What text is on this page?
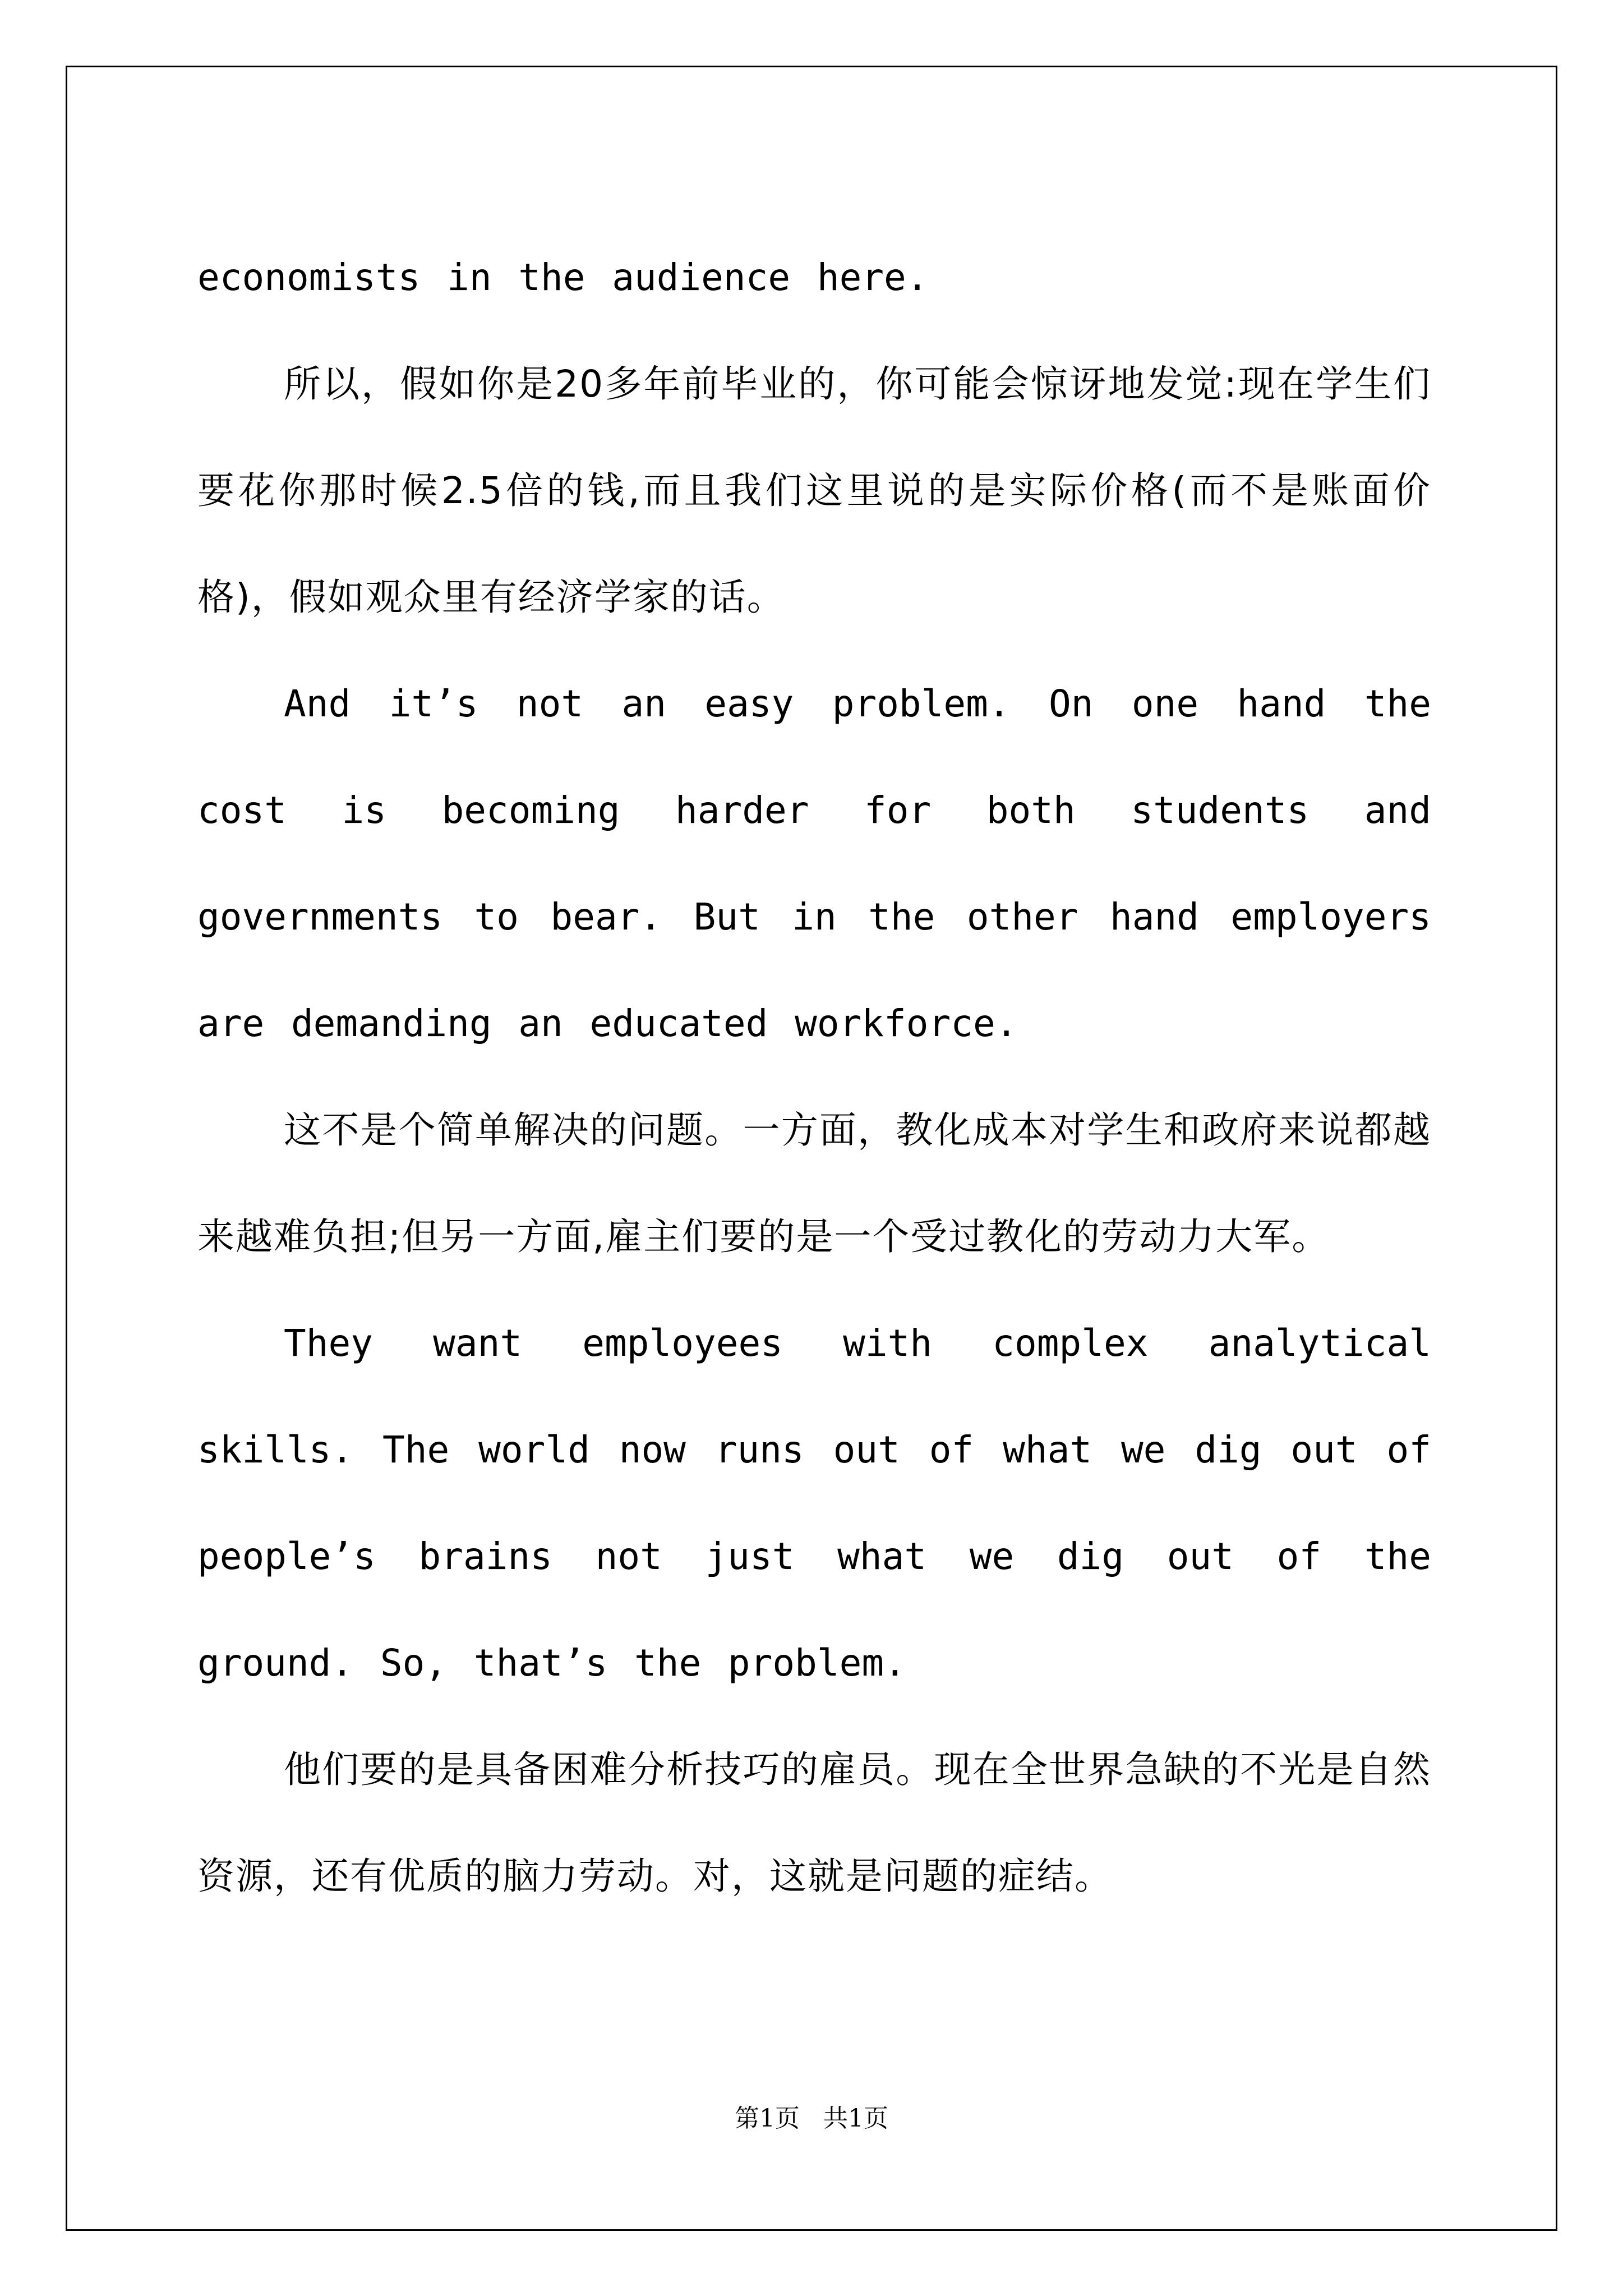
economists in the audience here.

所以，假如你是20多年前毕业的，你可能会惊讶地发觉:现在学生们要花你那时候2.5倍的钱,而且我们这里说的是实际价格(而不是账面价格)，假如观众里有经济学家的话。

And it’s not an easy problem. On one hand the cost is becoming harder for both students and governments to bear. But in the other hand employers are demanding an educated workforce.

这不是个简单解决的问题。一方面，教化成本对学生和政府来说都越来越难负担;但另一方面,雇主们要的是一个受过教化的劳动力大军。

They want employees with complex analytical skills. The world now runs out of what we dig out of people’s brains not just what we dig out of the ground. So, that’s the problem.

他们要的是具备困难分析技巧的雇员。现在全世界急缺的不光是自然资源，还有优质的脑力劳动。对，这就是问题的症结。

第1页   共1页
